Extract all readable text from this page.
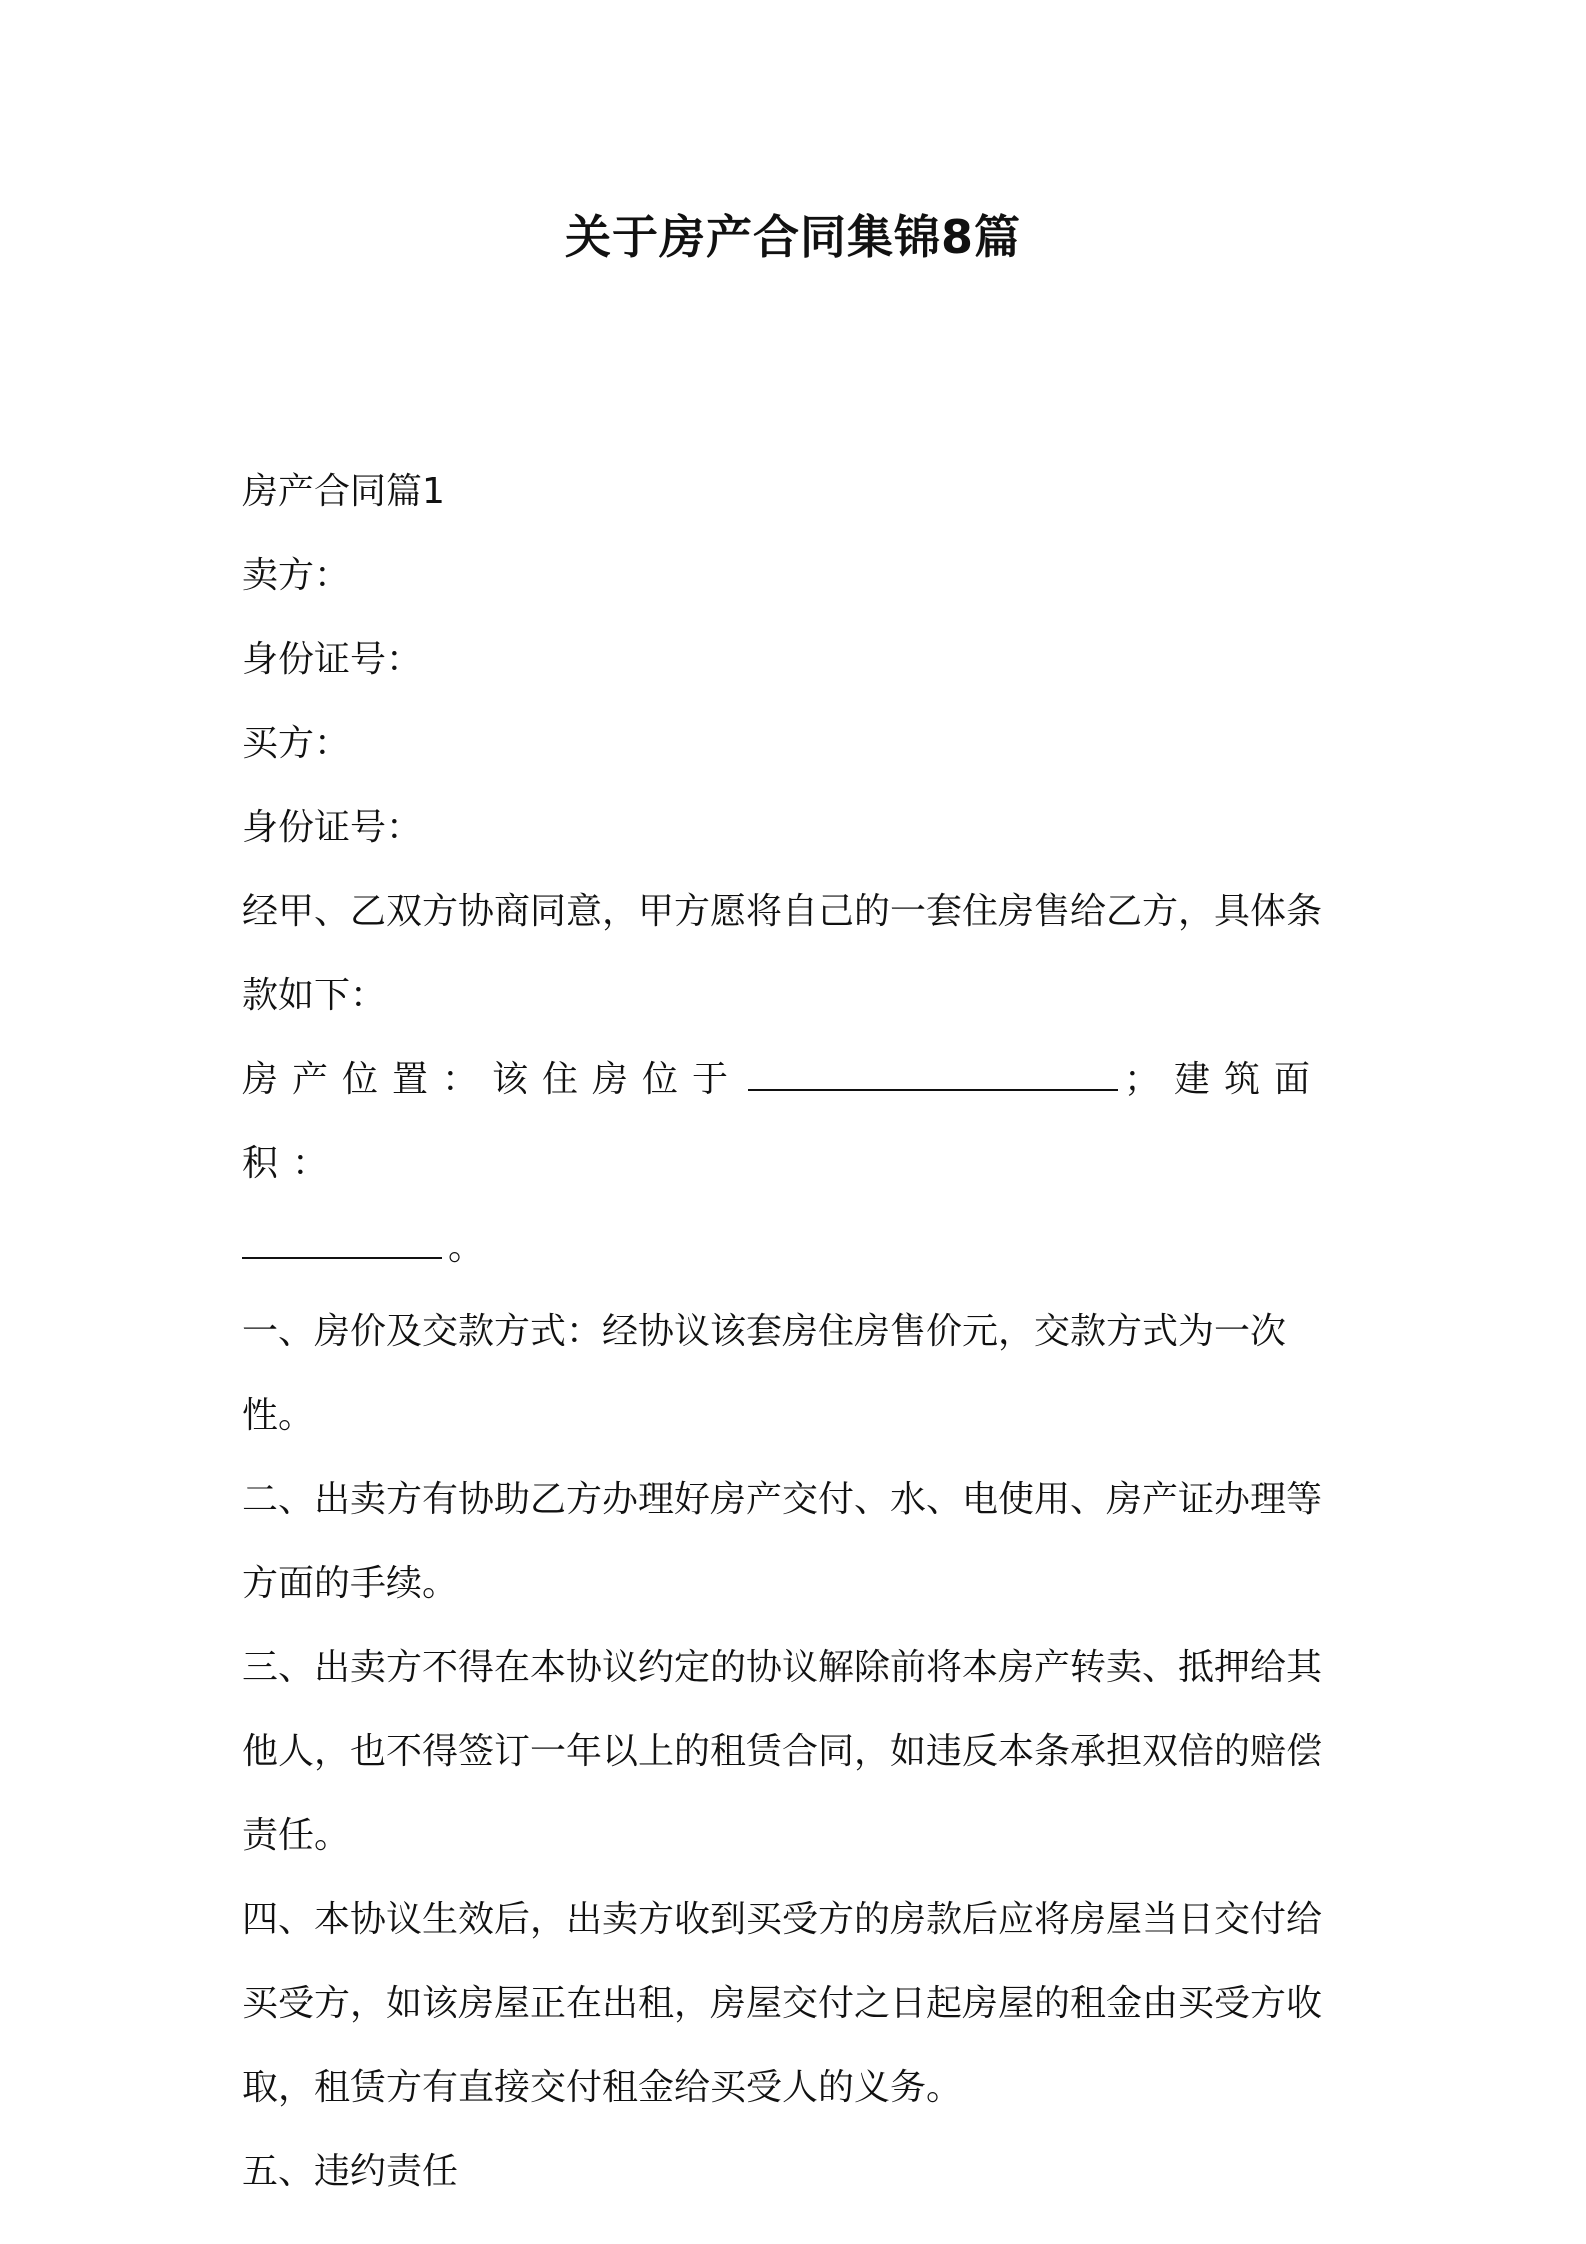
关于房产合同集锦8篇

房产合同篇1

卖方：

身份证号：

买方：

身份证号：

经甲、乙双方协商同意，甲方愿将自己的一套住房售给乙方，具体条款如下：

房产位置：该住房位于	；建筑面积：
。

一、房价及交款方式：经协议该套房住房售价元，交款方式为一次性。

二、出卖方有协助乙方办理好房产交付、水、电使用、房产证办理等方面的手续。

三、出卖方不得在本协议约定的协议解除前将本房产转卖、抵押给其他人，也不得签订一年以上的租赁合同，如违反本条承担双倍的赔偿责任。

四、本协议生效后，出卖方收到买受方的房款后应将房屋当日交付给买受方，如该房屋正在出租，房屋交付之日起房屋的租金由买受方收取，租赁方有直接交付租金给买受人的义务。

五、违约责任
